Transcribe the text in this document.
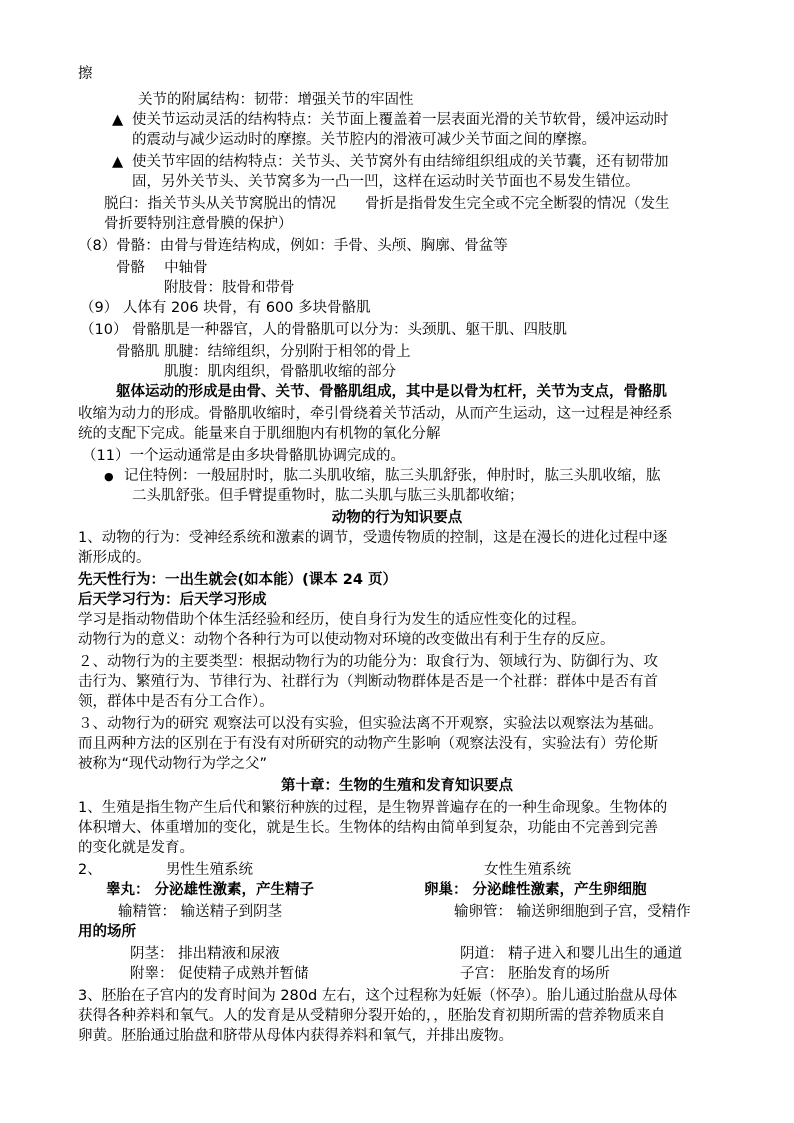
擦
关节的附属结构：韧带：增强关节的牢固性
▲ 使关节运动灵活的结构特点：关节面上覆盖着一层表面光滑的关节软骨，缓冲运动时
的震动与减少运动时的摩擦。关节腔内的滑液可减少关节面之间的摩擦。
▲ 使关节牢固的结构特点：关节头、关节窝外有由结缔组织组成的关节囊，还有韧带加
固，另外关节头、关节窝多为一凸一凹，这样在运动时关节面也不易发生错位。
脱臼：指关节头从关节窝脱出的情况　　骨折是指骨发生完全或不完全断裂的情况（发生
骨折要特别注意骨膜的保护）
（8）骨骼：由骨与骨连结构成，例如：手骨、头颅、胸廓、骨盆等
骨骼　 中轴骨
附肢骨：肢骨和带骨
（9） 人体有 206 块骨，有 600 多块骨骼肌
（10） 骨骼肌是一种器官，人的骨骼肌可以分为：头颈肌、躯干肌、四肢肌
骨骼肌 肌腱：结缔组织，分别附于相邻的骨上
肌腹：肌肉组织，骨骼肌收缩的部分
躯体运动的形成是由骨、关节、骨骼肌组成，其中是以骨为杠杆，关节为支点，骨骼肌
收缩为动力的形成。骨骼肌收缩时，牵引骨绕着关节活动，从而产生运动，这一过程是神经系
统的支配下完成。能量来自于肌细胞内有机物的氧化分解
（11）一个运动通常是由多块骨骼肌协调完成的。
● 记住特例：一般屈肘时，肱二头肌收缩，肱三头肌舒张，伸肘时，肱三头肌收缩，肱
二头肌舒张。但手臂提重物时，肱二头肌与肱三头肌都收缩；
动物的行为知识要点
1、动物的行为：受神经系统和激素的调节，受遗传物质的控制，这是在漫长的进化过程中逐
渐形成的。
先天性行为：一出生就会(如本能）(课本 24 页）
后天学习行为：后天学习形成
学习是指动物借助个体生活经验和经历，使自身行为发生的适应性变化的过程。
动物行为的意义：动物个各种行为可以使动物对环境的改变做出有利于生存的反应。
２、动物行为的主要类型：根据动物行为的功能分为：取食行为、领域行为、防御行为、攻
击行为、繁殖行为、节律行为、社群行为（判断动物群体是否是一个社群：群体中是否有首
领，群体中是否有分工合作）。
３、动物行为的研究 观察法可以没有实验，但实验法离不开观察，实验法以观察法为基础。
而且两种方法的区别在于有没有对所研究的动物产生影响（观察法没有，实验法有）劳伦斯
被称为“现代动物行为学之父”
第十章：生物的生殖和发育知识要点
1、生殖是指生物产生后代和繁衍种族的过程，是生物界普遍存在的一种生命现象。生物体的
体积增大、体重增加的变化，就是生长。生物体的结构由简单到复杂，功能由不完善到完善
的变化就是发育。
2、	男性生殖系统	女性生殖系统
睾丸： 分泌雄性激素，产生精子	卵巢： 分泌雌性激素，产生卵细胞
输精管： 输送精子到阴茎	输卵管： 输送卵细胞到子宫，受精作
用的场所
阴茎： 排出精液和尿液	阴道： 精子进入和婴儿出生的通道
附睾： 促使精子成熟并暂储	子宫： 胚胎发育的场所
3、胚胎在子宫内的发育时间为 280d 左右，这个过程称为妊娠（怀孕）。胎儿通过胎盘从母体
获得各种养料和氧气。人的发育是从受精卵分裂开始的，，胚胎发育初期所需的营养物质来自
卵黄。胚胎通过胎盘和脐带从母体内获得养料和氧气，并排出废物。
